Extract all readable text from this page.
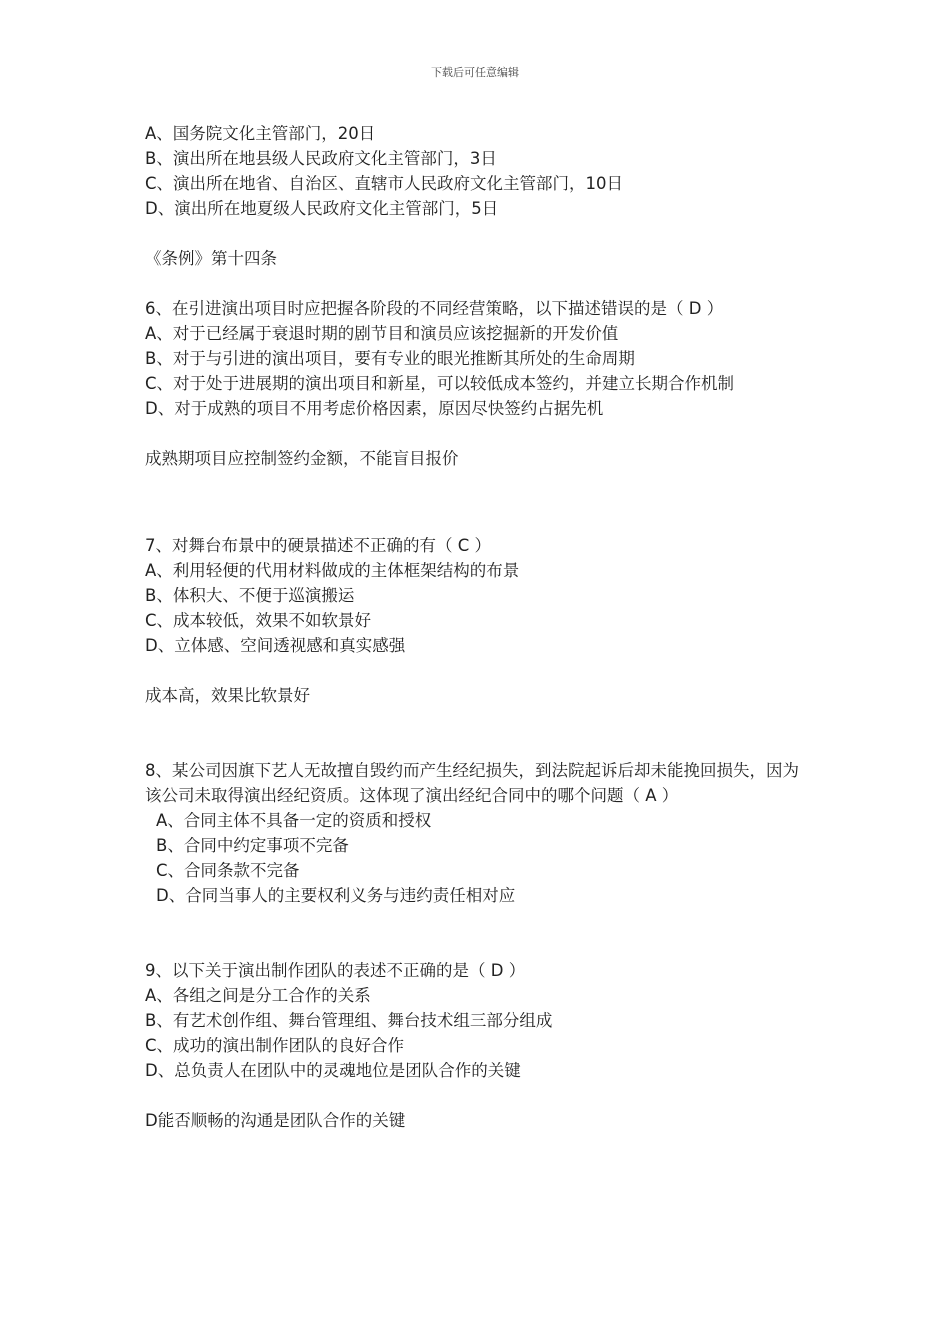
下载后可任意编辑
A、国务院文化主管部门，20日
B、演出所在地县级人民政府文化主管部门，3日
C、演出所在地省、自治区、直辖市人民政府文化主管部门，10日
D、演出所在地夏级人民政府文化主管部门，5日
《条例》第十四条
6、在引进演出项目时应把握各阶段的不同经营策略，以下描述错误的是（ D ）
A、对于已经属于衰退时期的剧节目和演员应该挖掘新的开发价值
B、对于与引进的演出项目，要有专业的眼光推断其所处的生命周期
C、对于处于进展期的演出项目和新星，可以较低成本签约，并建立长期合作机制
D、对于成熟的项目不用考虑价格因素，原因尽快签约占据先机
成熟期项目应控制签约金额，不能盲目报价
7、对舞台布景中的硬景描述不正确的有（ C ）
A、利用轻便的代用材料做成的主体框架结构的布景
B、体积大、不便于巡演搬运
C、成本较低，效果不如软景好
D、立体感、空间透视感和真实感强
成本高，效果比软景好
8、某公司因旗下艺人无故擅自毁约而产生经纪损失，到法院起诉后却未能挽回损失，因为该公司未取得演出经纪资质。这体现了演出经纪合同中的哪个问题（ A ）
A、合同主体不具备一定的资质和授权
B、合同中约定事项不完备
C、合同条款不完备
D、合同当事人的主要权利义务与违约责任相对应
9、以下关于演出制作团队的表述不正确的是（ D ）
A、各组之间是分工合作的关系
B、有艺术创作组、舞台管理组、舞台技术组三部分组成
C、成功的演出制作团队的良好合作
D、总负责人在团队中的灵魂地位是团队合作的关键
D能否顺畅的沟通是团队合作的关键
